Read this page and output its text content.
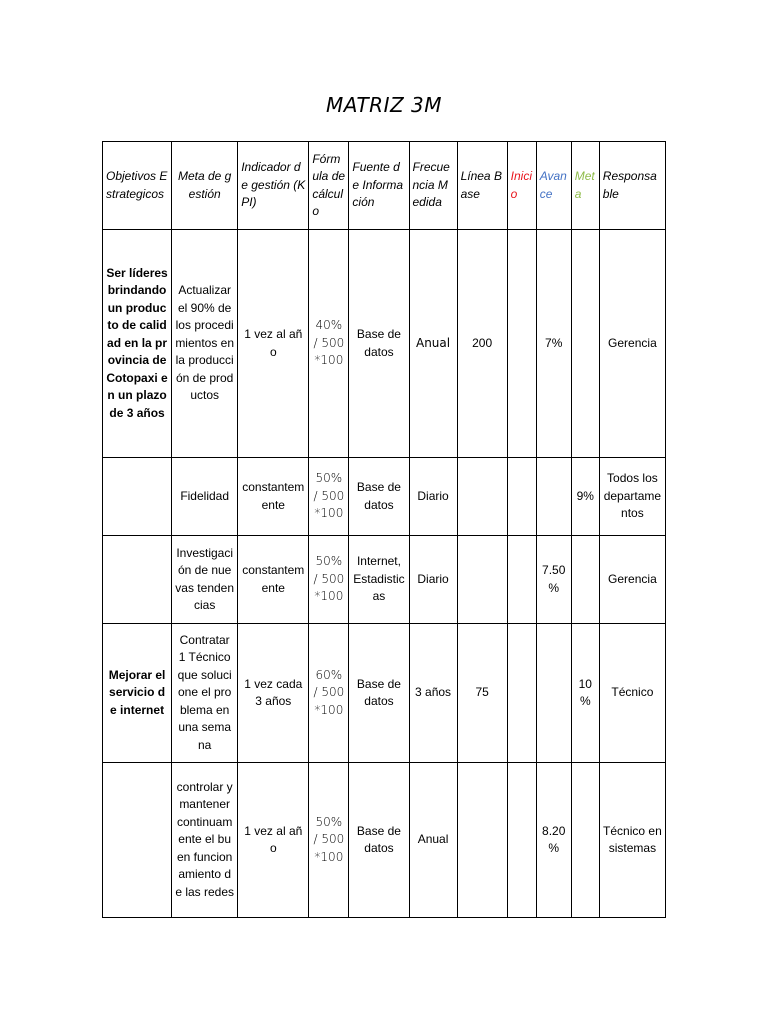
MATRIZ 3M
Objetivos Estrategicos	Meta de gestión	Indicador de gestión (KPI)	Fórmula de cálculo	Fuente de Información	Frecuencia Medida	Línea Base	Inicio	Avance	Meta	Responsable
Ser líderes brindando un producto de calidad en la provincia de Cotopaxi en un plazo de 3 años	Actualizar el 90% de los procedimientos en la producción de productos	1 vez al año	40% / 500 *100	Base de datos	Anual	200		7%		Gerencia
	Fidelidad	constantemente	50% / 500 *100	Base de datos	Diario				9%	Todos los departamentos
	Investigación de nuevas tendencias	constantemente	50% / 500 *100	Internet, Estadisticas	Diario			7.50 %		Gerencia
Mejorar el servicio de internet	Contratar 1 Técnico que solucione el problema en una semana	1 vez cada 3 años	60% / 500 *100	Base de datos	3 años	75			10 %	Técnico
	controlar y mantener continuamente el buen funcionamiento de las redes	1 vez al año	50% / 500 *100	Base de datos	Anual			8.20 %		Técnico en sistemas
